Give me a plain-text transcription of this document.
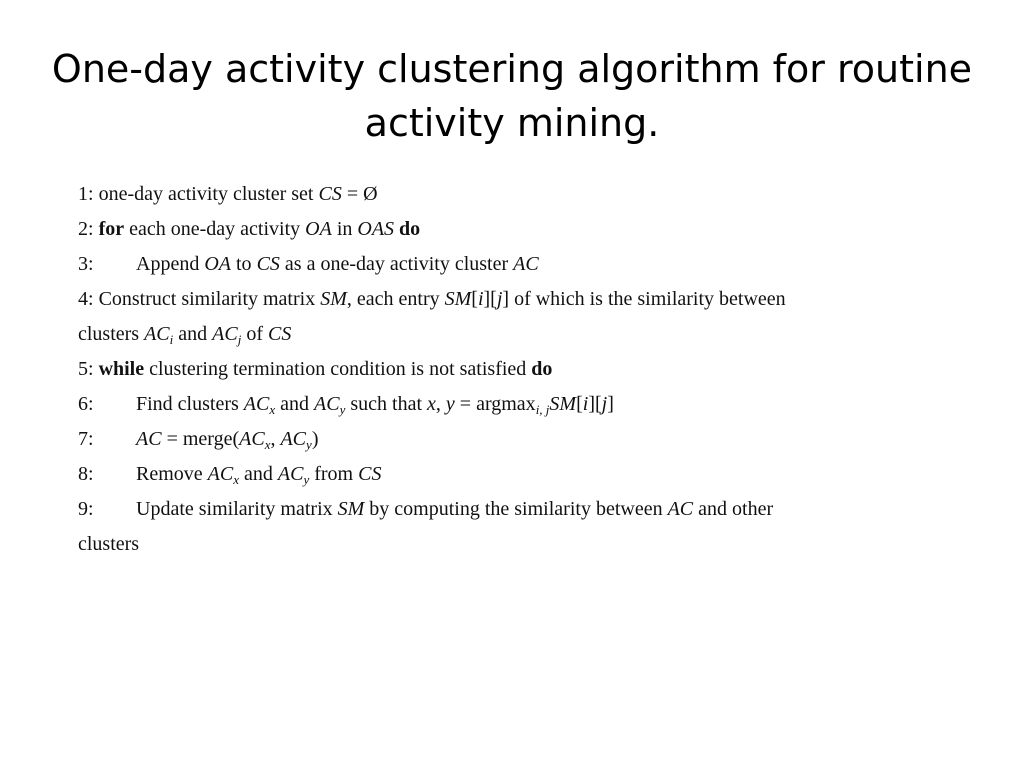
One-day activity clustering algorithm for routine
activity mining.
1: one-day activity cluster set CS = Ø
2: for each one-day activity OA in OAS do
3: Append OA to CS as a one-day activity cluster AC
4: Construct similarity matrix SM, each entry SM[i][j] of which is the similarity between
clusters $AC_i$ and $AC_j$ of CS
5: while clustering termination condition is not satisfied do
6: Find clusters $AC_x$ and $AC_y$ such that x, y = argmax$_{i, j}$SM[i][j]
7: AC = $merge(AC_x$, $AC_y$)
8: Remove $AC_x$ and $AC_y$ from CS
9: Update similarity matrix SM by computing the similarity between AC and other
clusters
